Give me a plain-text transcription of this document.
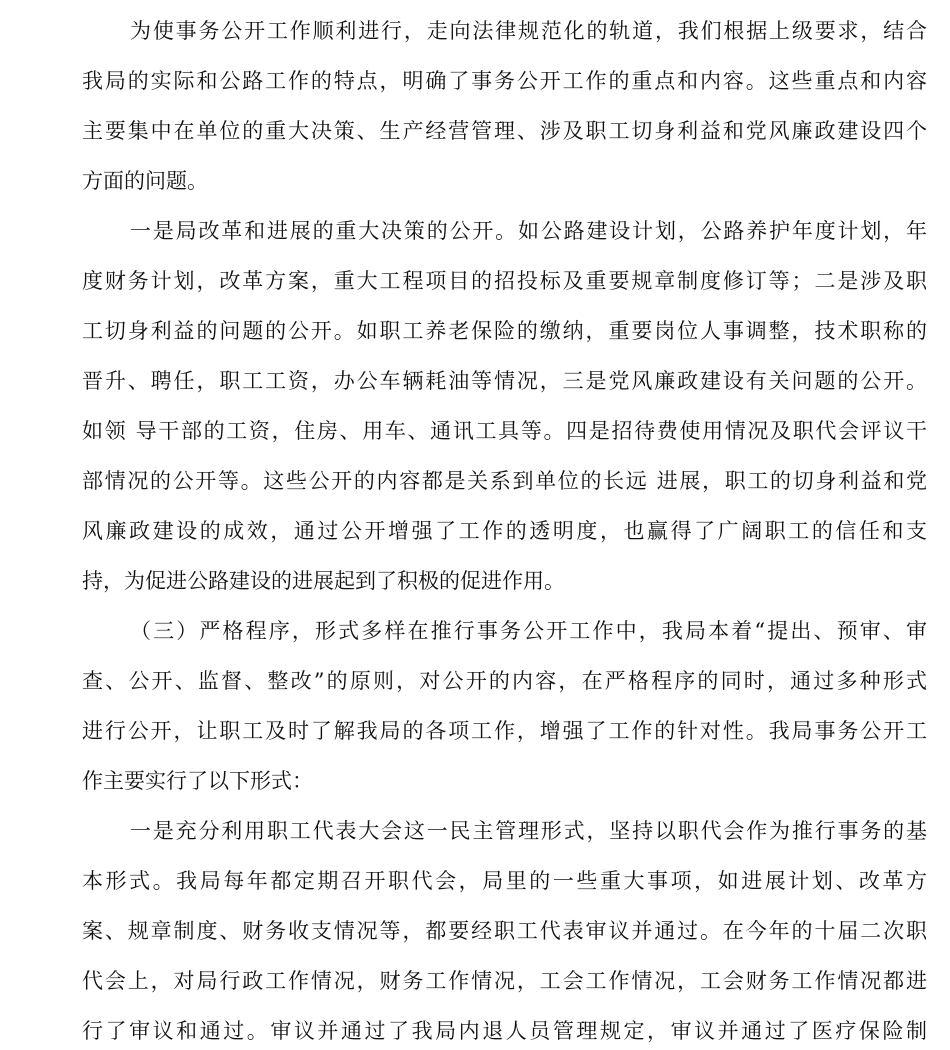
为使事务公开工作顺利进行，走向法律规范化的轨道，我们根据上级要求，结合
我局的实际和公路工作的特点，明确了事务公开工作的重点和内容。这些重点和内容
主要集中在单位的重大决策、生产经营管理、涉及职工切身利益和党风廉政建设四个
方面的问题。
一是局改革和进展的重大决策的公开。如公路建设计划，公路养护年度计划，年
度财务计划，改革方案，重大工程项目的招投标及重要规章制度修订等；二是涉及职
工切身利益的问题的公开。如职工养老保险的缴纳，重要岗位人事调整，技术职称的
晋升、聘任，职工工资，办公车辆耗油等情况，三是党风廉政建设有关问题的公开。
如领 导干部的工资，住房、用车、通讯工具等。四是招待费使用情况及职代会评议干
部情况的公开等。这些公开的内容都是关系到单位的长远 进展，职工的切身利益和党
风廉政建设的成效，通过公开增强了工作的透明度，也赢得了广阔职工的信任和支
持，为促进公路建设的进展起到了积极的促进作用。
（三）严格程序，形式多样在推行事务公开工作中，我局本着“提出、预审、审
查、公开、监督、整改”的原则，对公开的内容，在严格程序的同时，通过多种形式
进行公开，让职工及时了解我局的各项工作，增强了工作的针对性。我局事务公开工
作主要实行了以下形式：
一是充分利用职工代表大会这一民主管理形式，坚持以职代会作为推行事务的基
本形式。我局每年都定期召开职代会，局里的一些重大事项，如进展计划、改革方
案、规章制度、财务收支情况等，都要经职工代表审议并通过。在今年的十届二次职
代会上，对局行政工作情况，财务工作情况，工会工作情况，工会财务工作情况都进
行了审议和通过。审议并通过了我局内退人员管理规定，审议并通过了医疗保险制
